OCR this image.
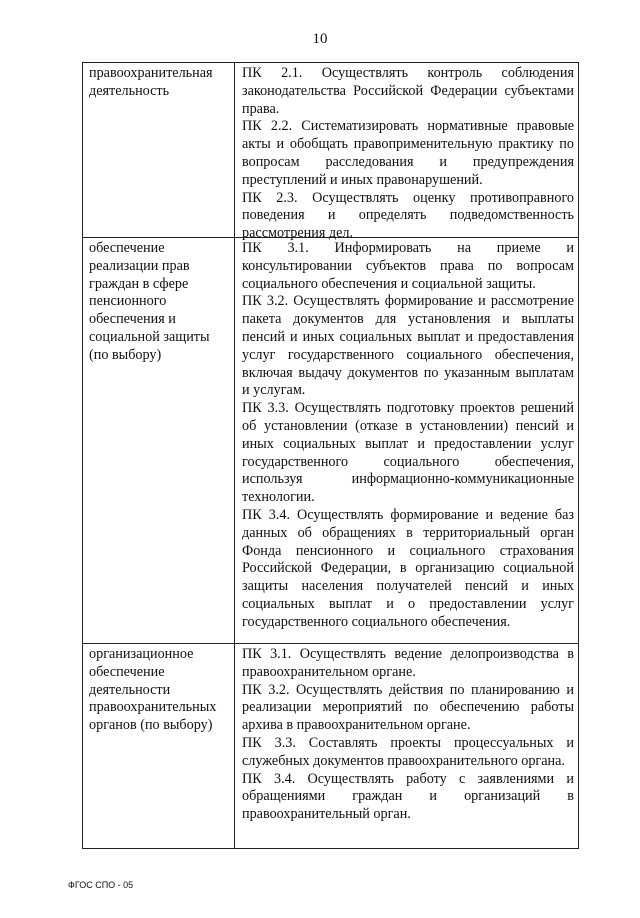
10
правоохранительная деятельность

ПК 2.1. Осуществлять контроль соблюдения законодательства Российской Федерации субъектами права.

ПК 2.2. Систематизировать нормативные правовые акты и обобщать правоприменительную практику по вопросам расследования и предупреждения преступлений и иных правонарушений.

ПК 2.3. Осуществлять оценку противоправного поведения и определять подведомственность рассмотрения дел.

обеспечение реализации прав граждан в сфере пенсионного обеспечения и социальной защиты (по выбору)

ПК 3.1. Информировать на приеме и консультировании субъектов права по вопросам социального обеспечения и социальной защиты.

ПК 3.2. Осуществлять формирование и рассмотрение пакета документов для установления и выплаты пенсий и иных социальных выплат и предоставления услуг государственного социального обеспечения, включая выдачу документов по указанным выплатам и услугам.

ПК 3.3. Осуществлять подготовку проектов решений об установлении (отказе в установлении) пенсий и иных социальных выплат и предоставлении услуг государственного социального обеспечения, используя информационно-коммуникационные технологии.

ПК 3.4. Осуществлять формирование и ведение баз данных об обращениях в территориальный орган Фонда пенсионного и социального страхования Российской Федерации, в организацию социальной защиты населения получателей пенсий и иных социальных выплат и о предоставлении услуг государственного социального обеспечения.

организационное обеспечение деятельности правоохранительных органов (по выбору)

ПК 3.1. Осуществлять ведение делопроизводства в правоохранительном органе.

ПК 3.2. Осуществлять действия по планированию и реализации мероприятий по обеспечению работы архива в правоохранительном органе.

ПК 3.3. Составлять проекты процессуальных и служебных документов правоохранительного органа.

ПК 3.4. Осуществлять работу с заявлениями и обращениями граждан и организаций в правоохранительный орган.

ФГОС СПО - 05
